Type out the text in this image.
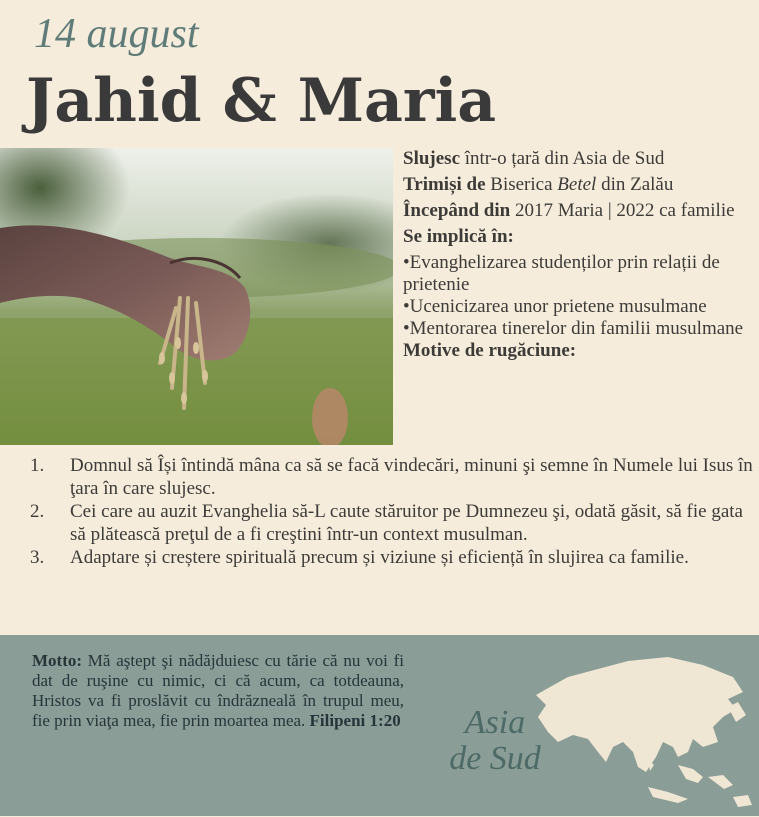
14 august
Jahid & Maria
Slujesc într-o țară din Asia de Sud
Trimiși de Biserica Betel din Zalău
Începând din 2017 Maria | 2022 ca familie
Se implică în:
•Evanghelizarea studenților prin relații de prietenie
•Ucenicizarea unor prietene musulmane
•Mentorarea tinerelor din familii musulmane
Motive de rugăciune:
1.	Domnul să Își întindă mâna ca să se facă vindecări, minuni şi semne în Numele lui Isus în ţara în care slujesc.
2.	Cei care au auzit Evanghelia să-L caute stăruitor pe Dumnezeu şi, odată găsit, să fie gata să plătească preţul de a fi creştini într-un context musulman.
3.	Adaptare și creștere spirituală precum și viziune și eficiență în slujirea ca familie.
Motto: Mă aştept şi nădăjduiesc cu tărie că nu voi fi dat de ruşine cu nimic, ci că acum, ca totdeauna, Hristos va fi proslăvit cu îndrăzneală în trupul meu, fie prin viaţa mea, fie prin moartea mea. Filipeni 1:20	Asia
de Sud
